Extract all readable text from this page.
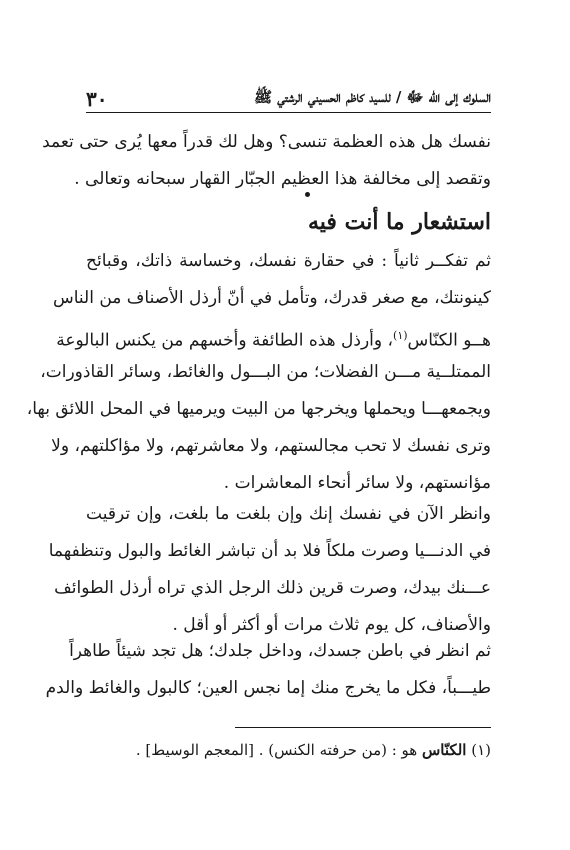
السلوك إلى الله ﷻ / للسيد كاظم الحسيني الرشتي ﷺ
٣٠
نفسك هل هذه العظمة تنسى؟ وهل لك قدراً معها يُرى حتى تعمد
وتقصد إلى مخالفة هذا العظيم الجبّار القهار سبحانه وتعالى .
استشعار ما أنت فيه
ثم تفكــر ثانياً : في حقارة نفسك، وخساسة ذاتك، وقبائح
كينونتك، مع صغر قدرك، وتأمل في أنّ أرذل الأصناف من الناس
هــو الكنّاس$^{(١)}$، وأرذل هذه الطائفة وأخسهم من يكنس البالوعة
الممتلــية مـــن الفضلات؛ من البـــول والغائط، وسائر القاذورات،
ويجمعهـــا ويحملها ويخرجها من البيت ويرميها في المحل اللائق بها،
وترى نفسك لا تحب مجالستهم، ولا معاشرتهم، ولا مؤاكلتهم، ولا
مؤانستهم، ولا سائر أنحاء المعاشرات .
وانظر الآن في نفسك إنك وإن بلغت ما بلغت، وإن ترقيت
في الدنـــيا وصرت ملكاً فلا بد أن تباشر الغائط والبول وتنظفهما
عـــنك بيدك، وصرت قرين ذلك الرجل الذي تراه أرذل الطوائف
والأصناف، كل يوم ثلاث مرات أو أكثر أو أقل .
ثم انظر في باطن جسدك، وداخل جلدك؛ هل تجد شيئاً طاهراً
طيـــباً، فكل ما يخرج منك إما نجس العين؛ كالبول والغائط والدم
(١) الكنّاس هو : (من حرفته الكنس) . [المعجم الوسيط] .
